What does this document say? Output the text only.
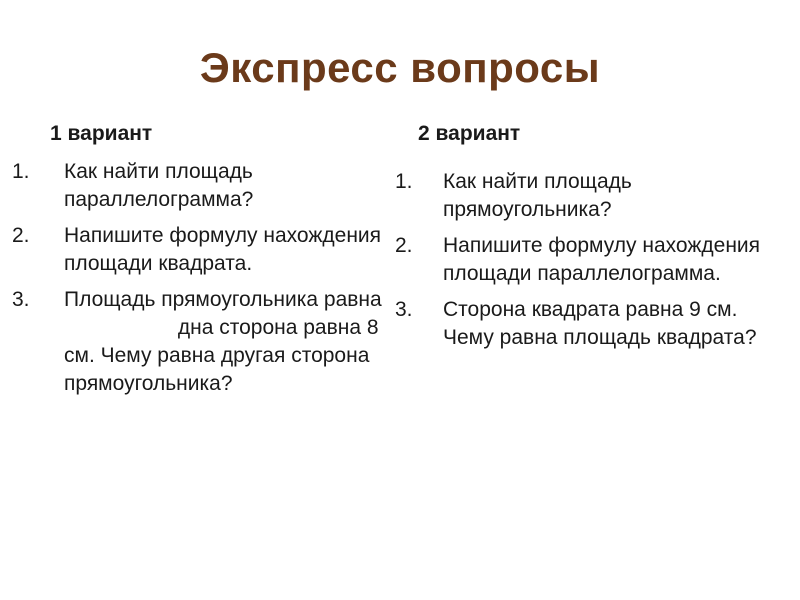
Экспресс вопросы
1 вариант	2 вариант
1. Как найти площадь параллелограмма?
2. Напишите формулу нахождения площади квадрата.
3. Площадь прямоугольника равна  дна сторона равна 8 см. Чему равна другая сторона прямоугольника?
1. Как найти площадь прямоугольника?
2. Напишите формулу нахождения площади параллелограмма.
3. Сторона квадрата равна 9 см. Чему равна площадь квадрата?
